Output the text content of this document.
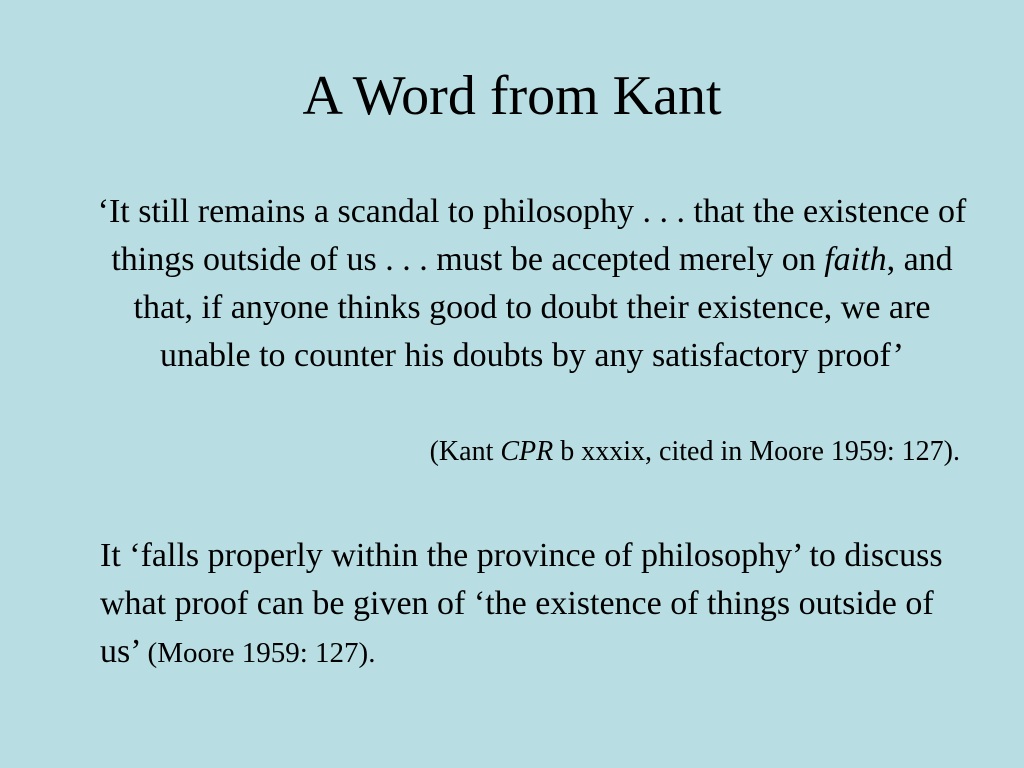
A Word from Kant

‘It still remains a scandal to philosophy . . . that the existence of things outside of us . . . must be accepted merely on faith, and that, if anyone thinks good to doubt their existence, we are unable to counter his doubts by any satisfactory proof’

(Kant CPR b xxxix, cited in Moore 1959: 127).

It ‘falls properly within the province of philosophy’ to discuss what proof can be given of ‘the existence of things outside of us’ (Moore 1959: 127).
